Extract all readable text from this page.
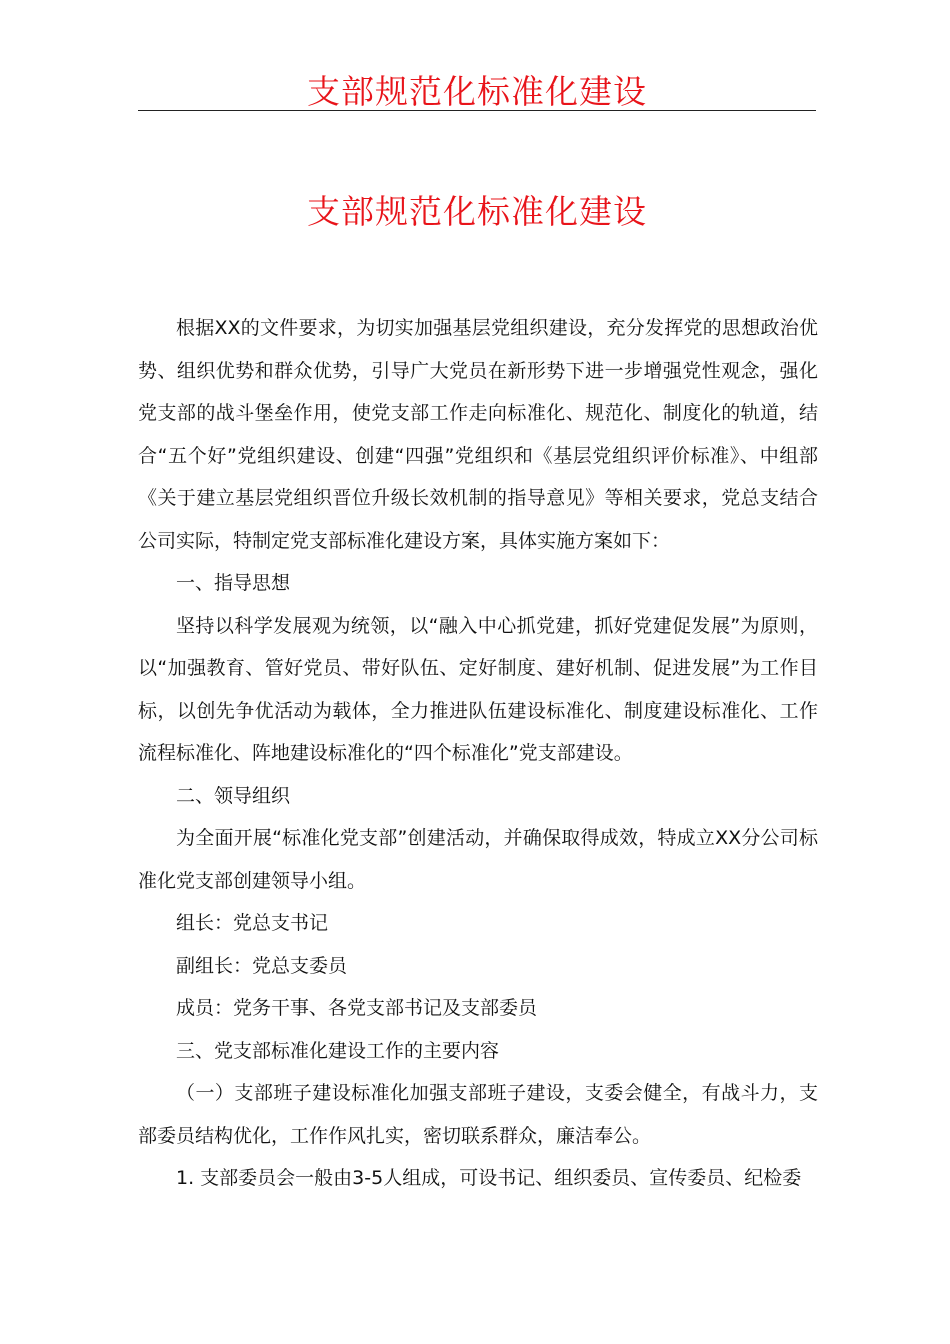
支部规范化标准化建设
支部规范化标准化建设

根据XX的文件要求，为切实加强基层党组织建设，充分发挥党的思想政治优势、组织优势和群众优势，引导广大党员在新形势下进一步增强党性观念，强化党支部的战斗堡垒作用，使党支部工作走向标准化、规范化、制度化的轨道，结合“五个好”党组织建设、创建“四强”党组织和《基层党组织评价标准》、中组部《关于建立基层党组织晋位升级长效机制的指导意见》等相关要求，党总支结合公司实际，特制定党支部标准化建设方案，具体实施方案如下：

一、指导思想

坚持以科学发展观为统领，以“融入中心抓党建，抓好党建促发展”为原则，以“加强教育、管好党员、带好队伍、定好制度、建好机制、促进发展”为工作目标，以创先争优活动为载体，全力推进队伍建设标准化、制度建设标准化、工作流程标准化、阵地建设标准化的“四个标准化”党支部建设。

二、领导组织

为全面开展“标准化党支部”创建活动，并确保取得成效，特成立XX分公司标准化党支部创建领导小组。

组长：党总支书记

副组长：党总支委员

成员：党务干事、各党支部书记及支部委员

三、党支部标准化建设工作的主要内容

（一）支部班子建设标准化加强支部班子建设，支委会健全，有战斗力，支部委员结构优化，工作作风扎实，密切联系群众，廉洁奉公。

1. 支部委员会一般由3-5人组成，可设书记、组织委员、宣传委员、纪检委
